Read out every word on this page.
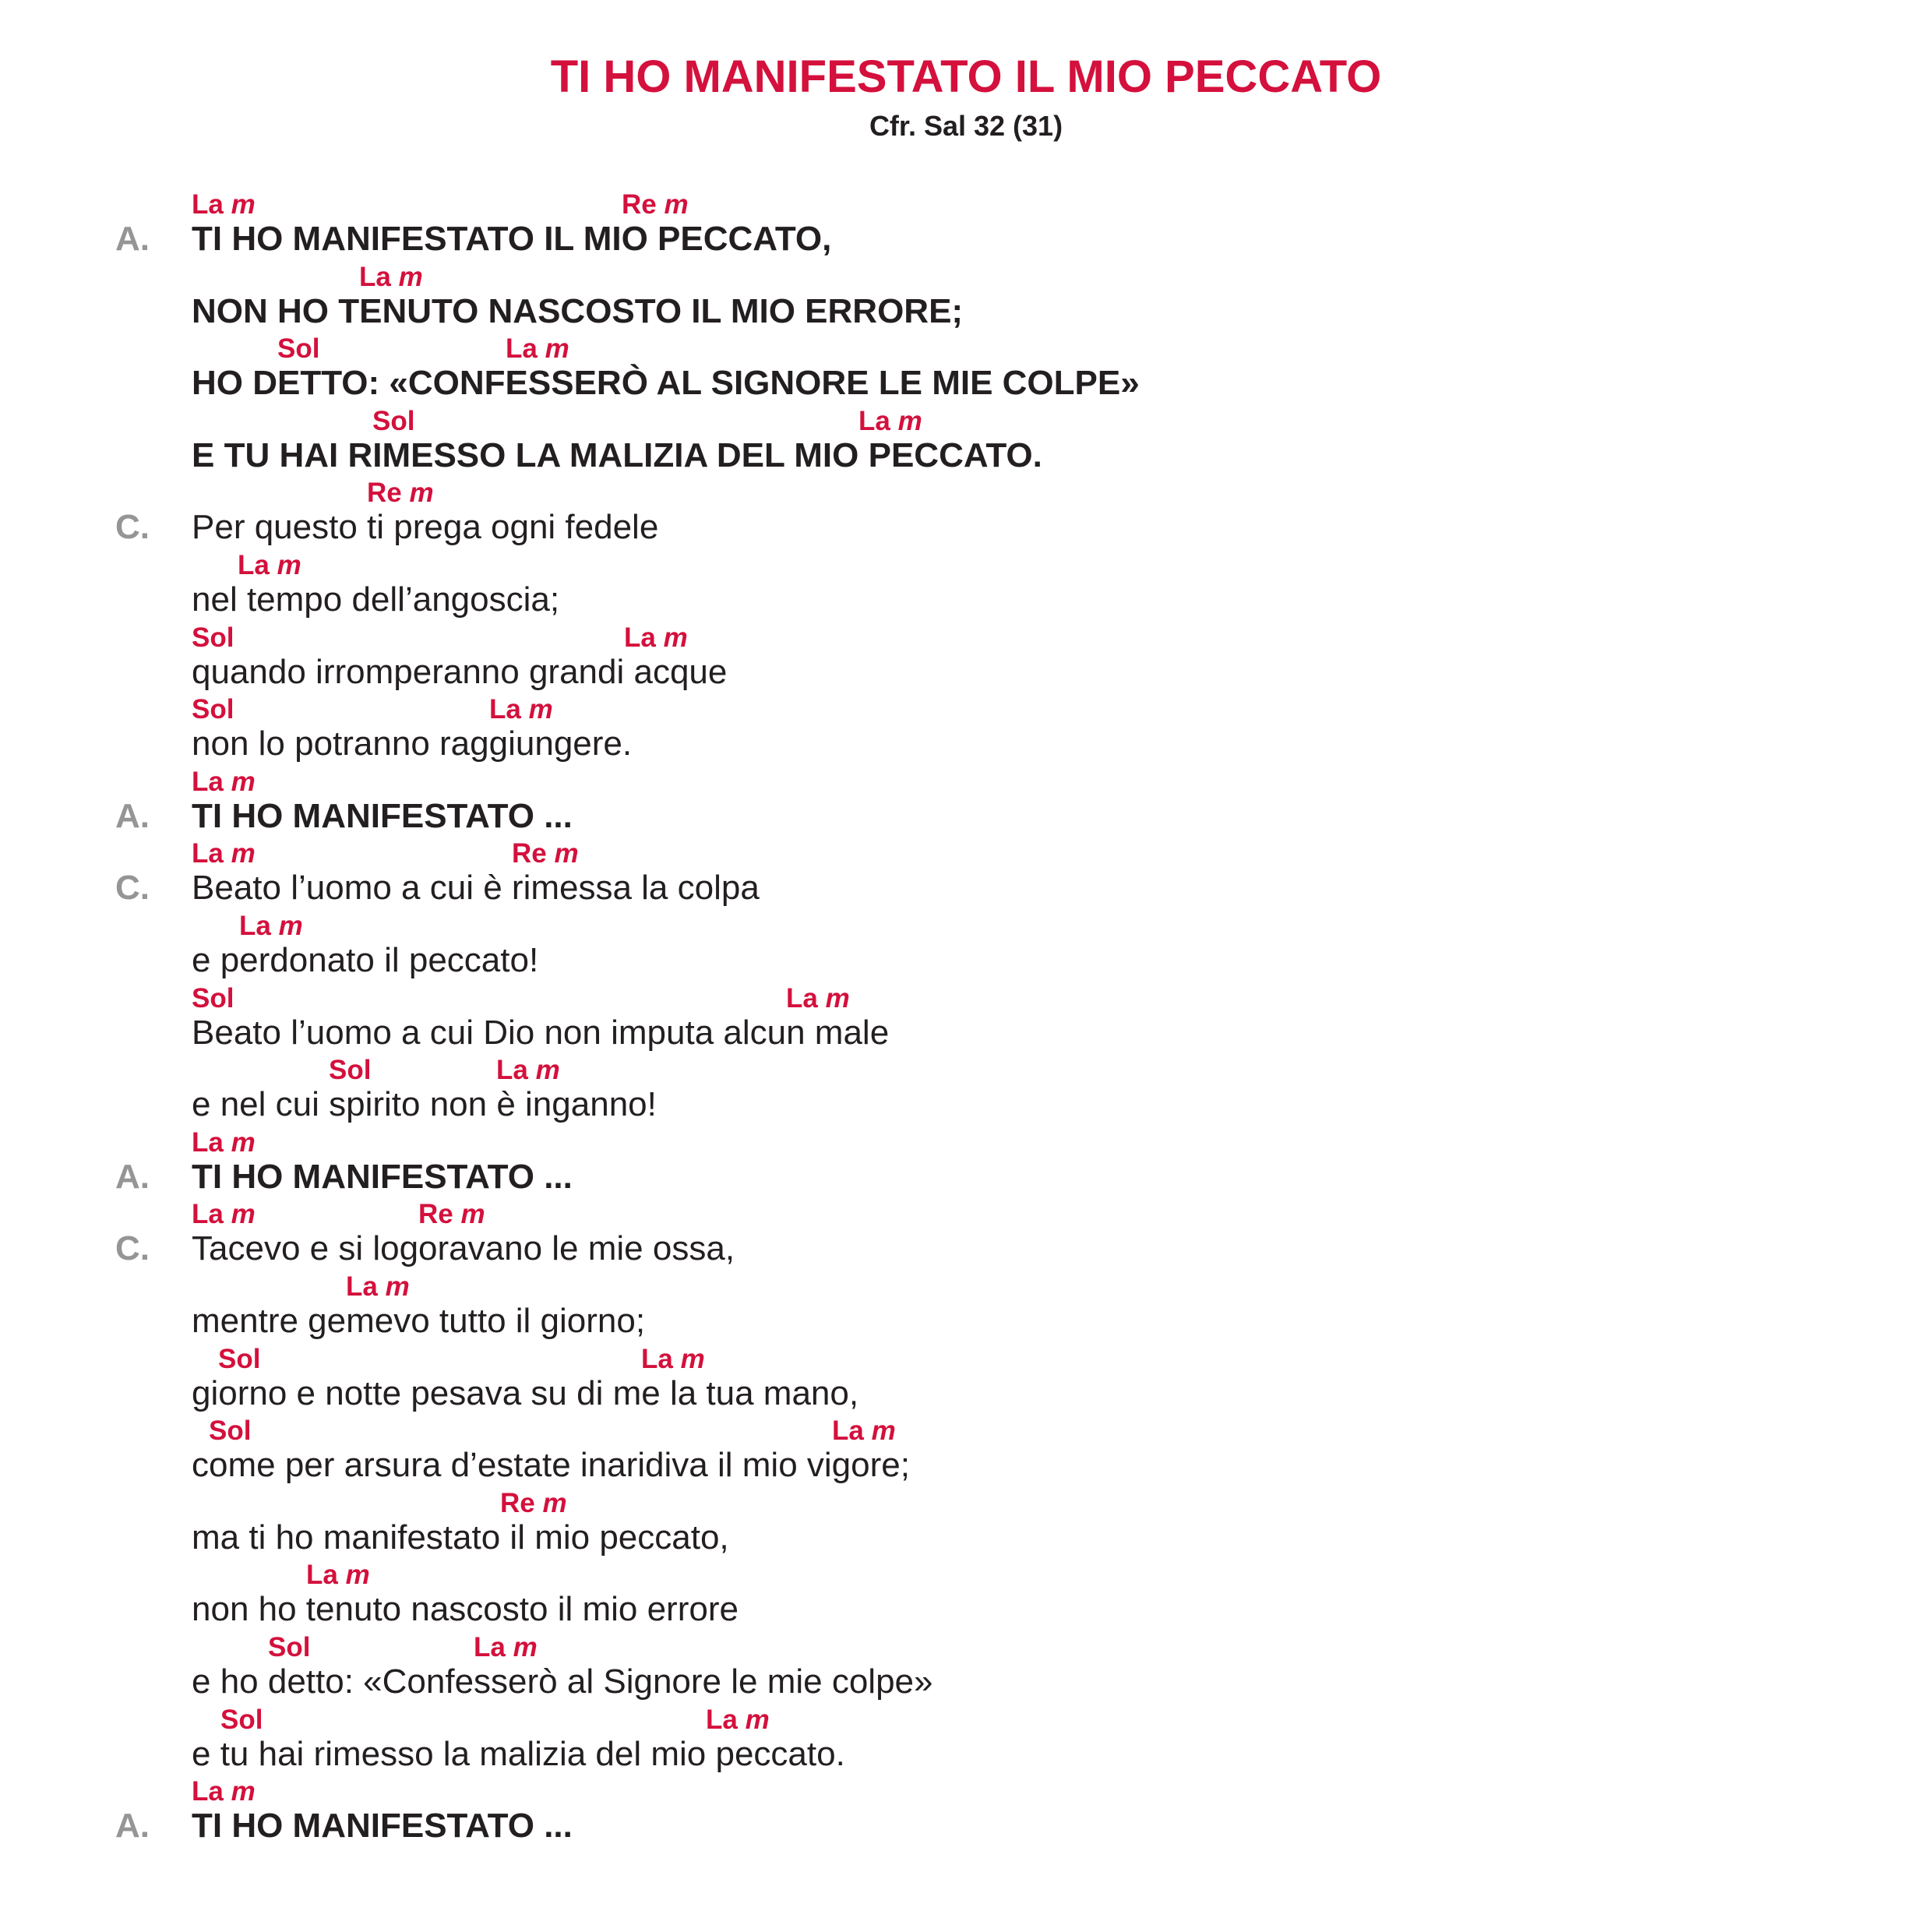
TI HO MANIFESTATO IL MIO PECCATO
Cfr. Sal 32 (31)
A. TI HO MANIFESTATO IL MIO PECCATO,
La m	Re m
NON HO TENUTO NASCOSTO IL MIO ERRORE;
La m
HO DETTO: «CONFESSERÒ AL SIGNORE LE MIE COLPE»
Sol	La m
E TU HAI RIMESSO LA MALIZIA DEL MIO PECCATO.
Sol	La m
C. Per questo ti prega ogni fedele
Re m
nel tempo dell’angoscia;
La m
quando irromperanno grandi acque
Sol	La m
non lo potranno raggiungere.
Sol	La m
A. TI HO MANIFESTATO ...
La m
C. Beato l’uomo a cui è rimessa la colpa
La m	Re m
e perdonato il peccato!
La m
Beato l’uomo a cui Dio non imputa alcun male
Sol	La m
e nel cui spirito non è inganno!
Sol	La m
A. TI HO MANIFESTATO ...
La m
C. Tacevo e si logoravano le mie ossa,
La m	Re m
mentre gemevo tutto il giorno;
La m
giorno e notte pesava su di me la tua mano,
Sol	La m
come per arsura d’estate inaridiva il mio vigore;
Sol	La m
ma ti ho manifestato il mio peccato,
Re m
non ho tenuto nascosto il mio errore
La m
e ho detto: «Confesserò al Signore le mie colpe»
Sol	La m
e tu hai rimesso la malizia del mio peccato.
Sol	La m
A. TI HO MANIFESTATO ...
La m
